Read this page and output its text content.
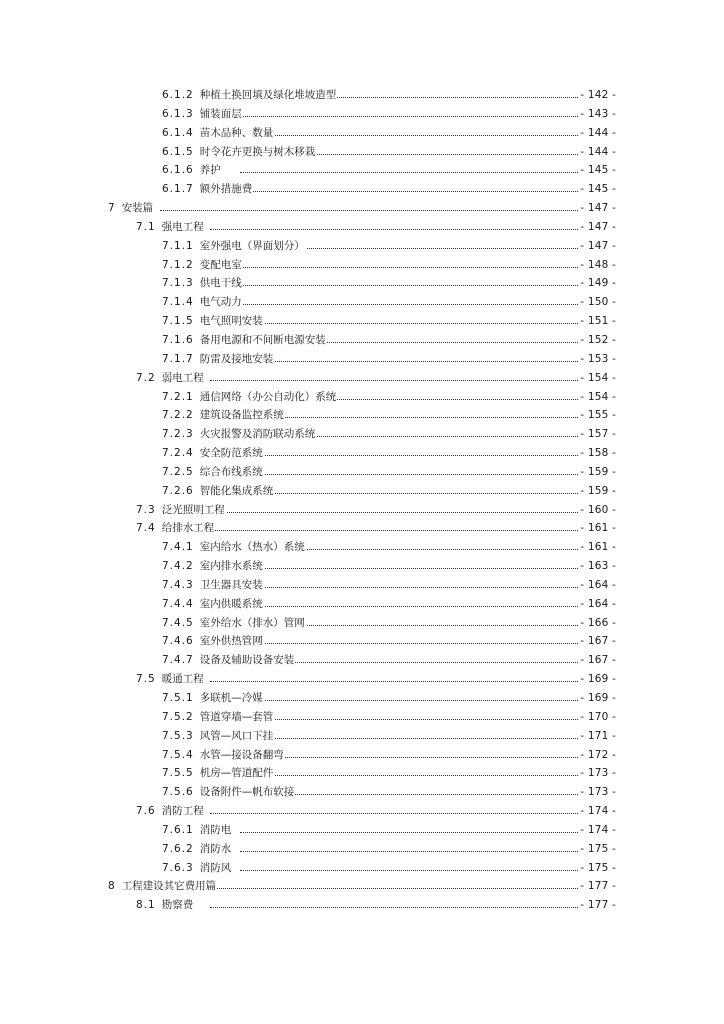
6.1.2 种植土换回填及绿化堆坡造型	- 142 -
6.1.3 铺装面层	- 143 -
6.1.4 苗木品种、数量	- 144 -
6.1.5 时令花卉更换与树木移栽	- 144 -
6.1.6 养护	- 145 -
6.1.7 额外措施费	- 145 -
7 安装篇	- 147 -
7.1 强电工程	- 147 -
7.1.1 室外强电（界面划分）	- 147 -
7.1.2 变配电室	- 148 -
7.1.3 供电干线	- 149 -
7.1.4 电气动力	- 150 -
7.1.5 电气照明安装	- 151 -
7.1.6 备用电源和不间断电源安装	- 152 -
7.1.7 防雷及接地安装	- 153 -
7.2 弱电工程	- 154 -
7.2.1 通信网络（办公自动化）系统	- 154 -
7.2.2 建筑设备监控系统	- 155 -
7.2.3 火灾报警及消防联动系统	- 157 -
7.2.4 安全防范系统	- 158 -
7.2.5 综合布线系统	- 159 -
7.2.6 智能化集成系统	- 159 -
7.3 泛光照明工程	- 160 -
7.4 给排水工程	- 161 -
7.4.1 室内给水（热水）系统	- 161 -
7.4.2 室内排水系统	- 163 -
7.4.3 卫生器具安装	- 164 -
7.4.4 室内供暖系统	- 164 -
7.4.5 室外给水（排水）管网	- 166 -
7.4.6 室外供热管网	- 167 -
7.4.7 设备及辅助设备安装	- 167 -
7.5 暖通工程	- 169 -
7.5.1 多联机—冷媒	- 169 -
7.5.2 管道穿墙—套管	- 170 -
7.5.3 风管—风口下挂	- 171 -
7.5.4 水管—接设备翻弯	- 172 -
7.5.5 机房—管道配件	- 173 -
7.5.6 设备附件—帆布软接	- 173 -
7.6 消防工程	- 174 -
7.6.1 消防电	- 174 -
7.6.2 消防水	- 175 -
7.6.3 消防风	- 175 -
8 工程建设其它费用篇	- 177 -
8.1 勘察费	- 177 -
